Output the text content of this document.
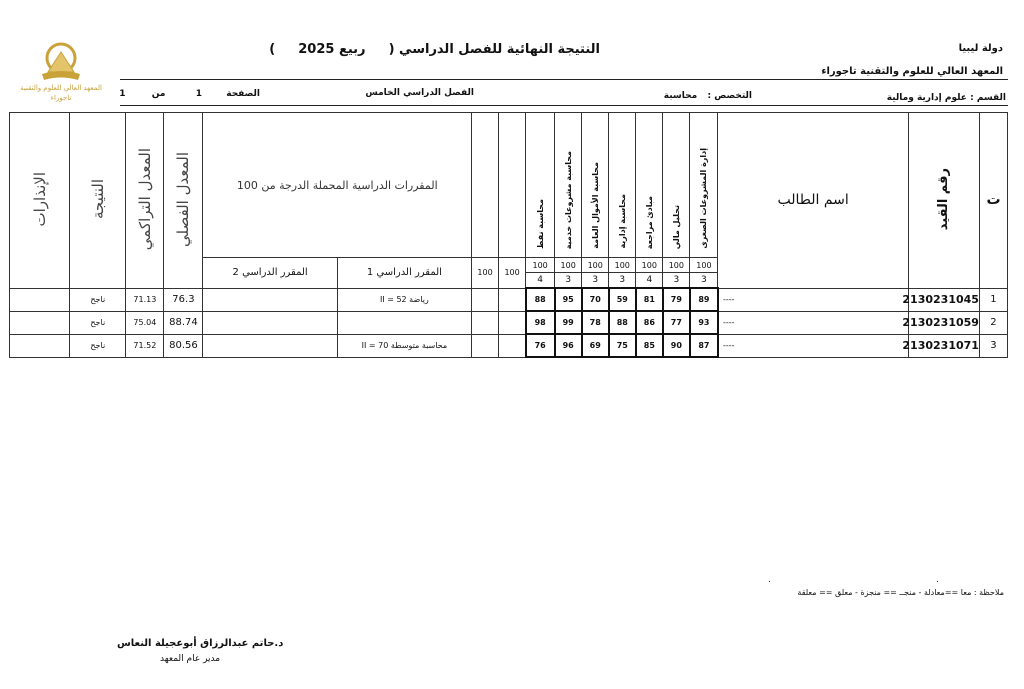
دولة ليبيا
المعهد العالي للعلوم والتقنية تاجوراء
النتيجة النهائية للفصل الدراسي (  ربيع 2025  )
القسم : علوم إدارية ومالية
التخصص :  محاسبة
الفصل الدراسي الخامس
الصفحة  1  من  1
المعهد العالي للعلوم والتقنية
تاجوراء
ت	رقم القيد	اسم الطالب	إدارة المشروعات الصغرى	تحليل مالي	مبادئ مراجعة	محاسبة إدارية	محاسبة الأموال العامة	محاسبة مشروعات خدمية	محاسبة نفط			المقررات الدراسية المحملة الدرجة من 100		المعدل الفصلي	المعدل التراكمي	النتيجة	الإنذارات
			100	100	100	100	100	100	100	100	100	المقرر الدراسي 1	المقرر الدراسي 2				
			3	3	4	3	3	3	4								
1	2130231045	----	89	79	81	59	70	95	88			رياضة II = 52		76.3	71.13	ناجح	
2	2130231059	----	93	77	86	88	78	99	98					88.74	75.04	ناجح	
3	2130231071	----	87	90	85	75	69	96	76			محاسبة متوسطة II = 70		80.56	71.52	ناجح	
.	.
ملاحظة : معا ==معادلة - منجــ == منجزة - معلق == معلقة
د.حاتم عبدالرزاق أبوعجيلة النعاس
مدير عام المعهد
